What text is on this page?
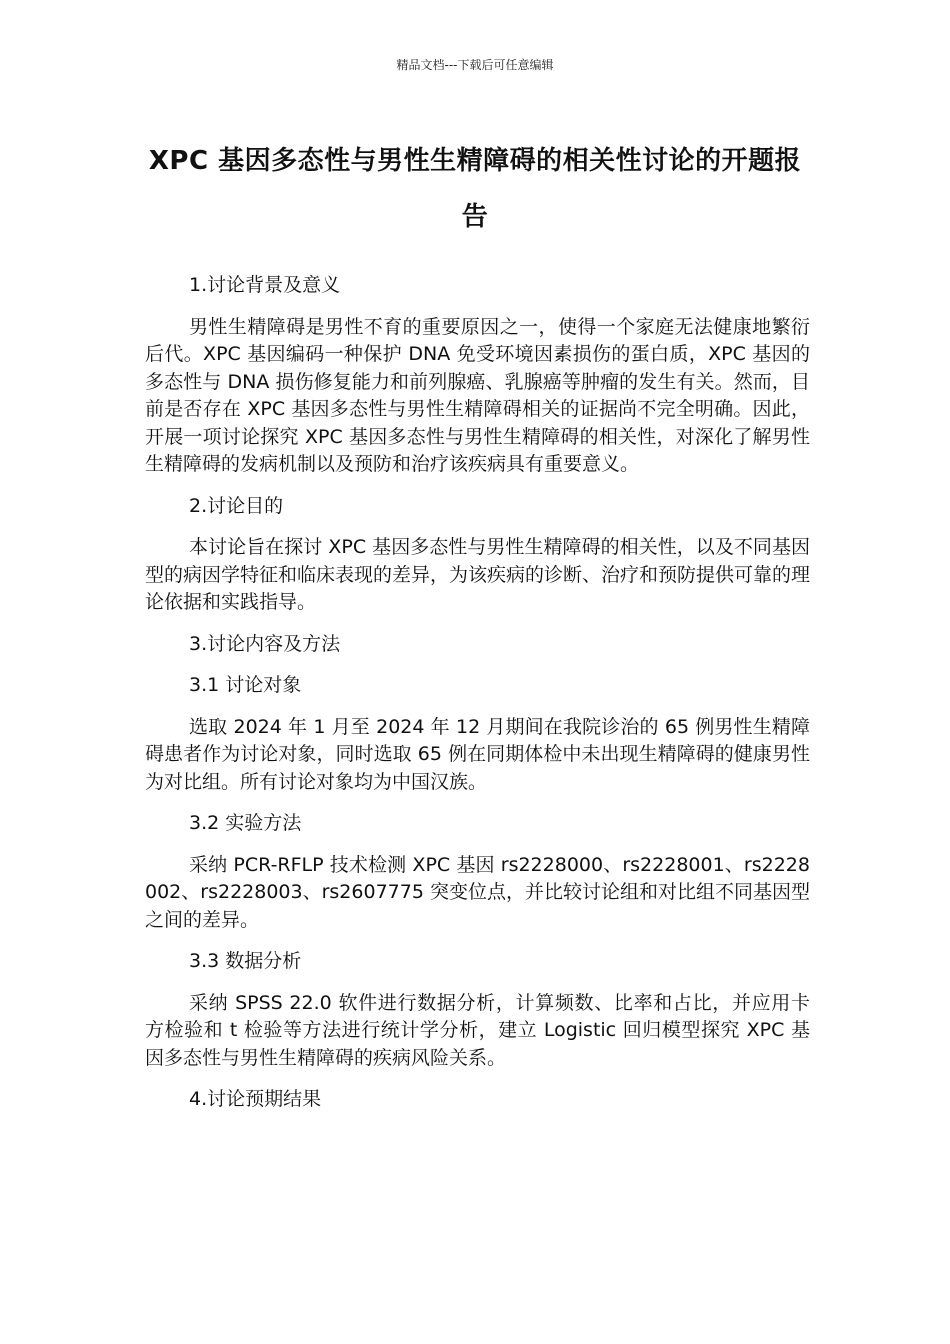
精品文档---下载后可任意编辑
XPC 基因多态性与男性生精障碍的相关性讨论的开题报告

1.讨论背景及意义

男性生精障碍是男性不育的重要原因之一，使得一个家庭无法健康地繁衍后代。XPC 基因编码一种保护 DNA 免受环境因素损伤的蛋白质，XPC 基因的多态性与 DNA 损伤修复能力和前列腺癌、乳腺癌等肿瘤的发生有关。然而，目前是否存在 XPC 基因多态性与男性生精障碍相关的证据尚不完全明确。因此，开展一项讨论探究 XPC 基因多态性与男性生精障碍的相关性，对深化了解男性生精障碍的发病机制以及预防和治疗该疾病具有重要意义。

2.讨论目的

本讨论旨在探讨 XPC 基因多态性与男性生精障碍的相关性，以及不同基因型的病因学特征和临床表现的差异，为该疾病的诊断、治疗和预防提供可靠的理论依据和实践指导。

3.讨论内容及方法

3.1 讨论对象

选取 2024 年 1 月至 2024 年 12 月期间在我院诊治的 65 例男性生精障碍患者作为讨论对象，同时选取 65 例在同期体检中未出现生精障碍的健康男性为对比组。所有讨论对象均为中国汉族。

3.2 实验方法

采纳 PCR-RFLP 技术检测 XPC 基因 rs2228000、rs2228001、rs2228002、rs2228003、rs2607775 突变位点，并比较讨论组和对比组不同基因型之间的差异。

3.3 数据分析

采纳 SPSS 22.0 软件进行数据分析，计算频数、比率和占比，并应用卡方检验和 t 检验等方法进行统计学分析，建立 Logistic 回归模型探究 XPC 基因多态性与男性生精障碍的疾病风险关系。

4.讨论预期结果
